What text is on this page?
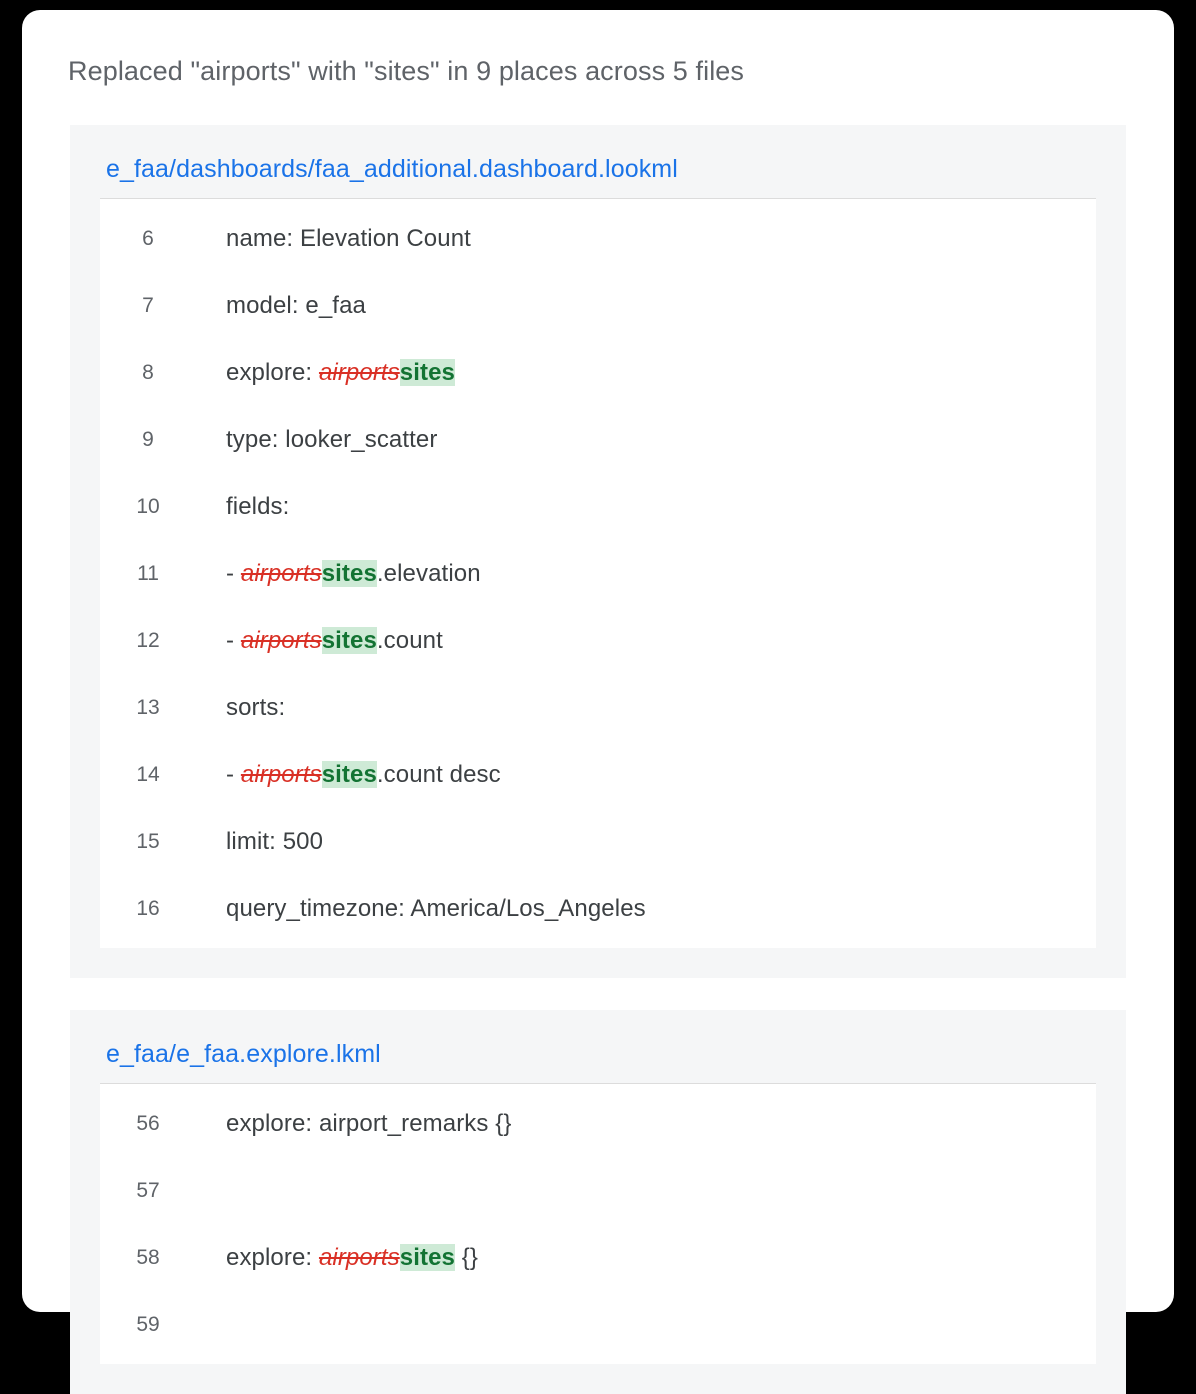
Replaced "airports" with "sites" in 9 places across 5 files
e_faa/dashboards/faa_additional.dashboard.lookml
6	name: Elevation Count
7	model: e_faa
8	explore: airportssites
9	type: looker_scatter
10	fields:
11	- airportssites.elevation
12	- airportssites.count
13	sorts:
14	- airportssites.count desc
15	limit: 500
16	query_timezone: America/Los_Angeles
e_faa/e_faa.explore.lkml
56	explore: airport_remarks {}
57
58	explore: airportssites {}
59
